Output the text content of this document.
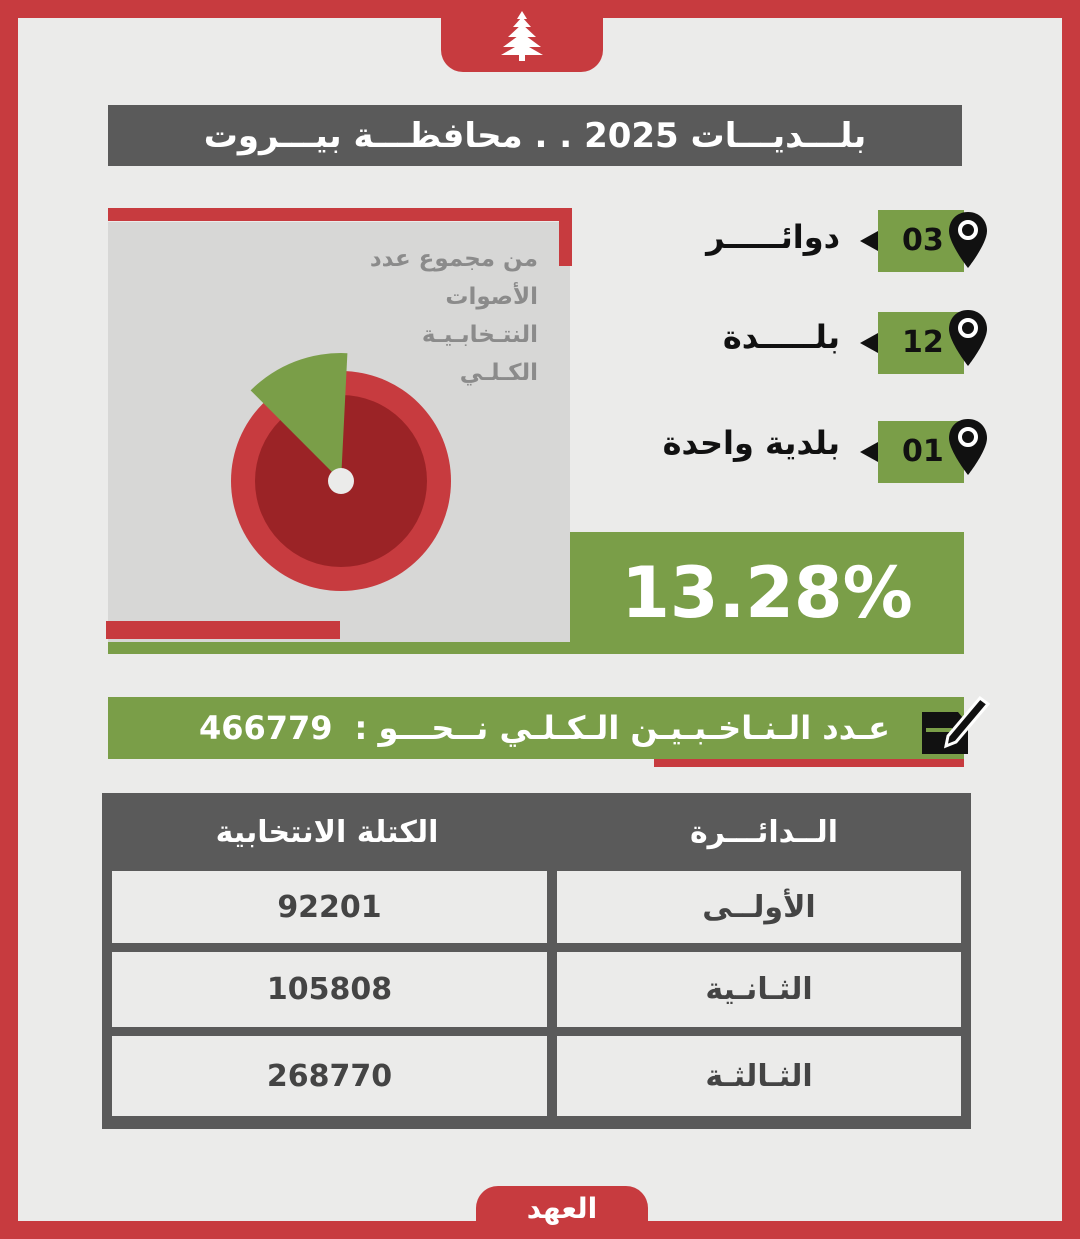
بلـــديـــات 2025 . . محافظـــة بيـــروت
من مجموع عدد
الأصوات النتـخابـيـة
الكـلـي
03
دوائـــــر
12
بلـــــدة
01
بلدية واحدة
13.28%
عـدد الـنـاخـبـيـن الـكـلـي نــحـــو :
466779
الــدائـــرة
الكتلة الانتخابية
الأولــى
92201
الثـانـية
105808
الثـالثـة
268770
العهد
